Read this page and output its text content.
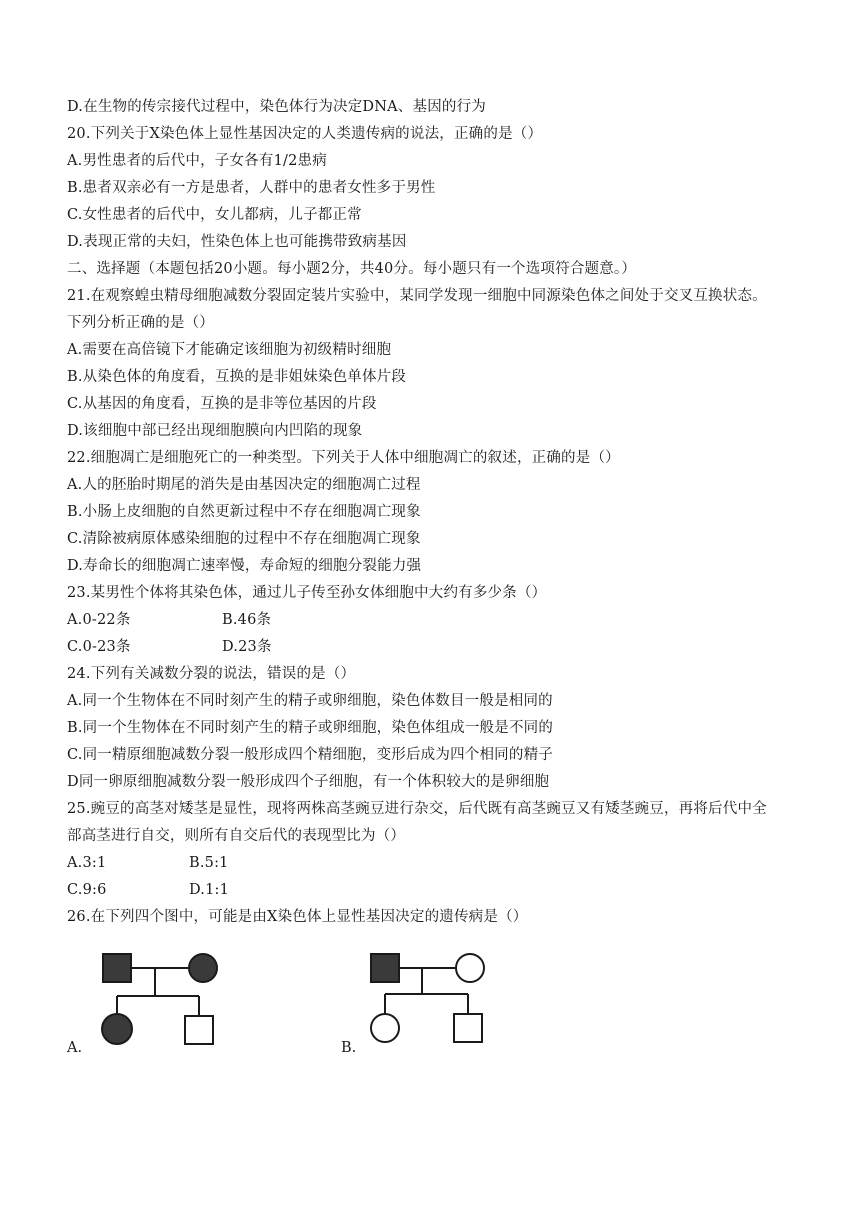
D.在生物的传宗接代过程中，染色体行为决定DNA、基因的行为
20.下列关于X染色体上显性基因决定的人类遗传病的说法，正确的是（）
A.男性患者的后代中，子女各有1/2患病
B.患者双亲必有一方是患者，人群中的患者女性多于男性
C.女性患者的后代中，女儿都病，儿子都正常
D.表现正常的夫妇，性染色体上也可能携带致病基因
二、选择题（本题包括20小题。每小题2分，共40分。每小题只有一个选项符合题意。）
21.在观察蝗虫精母细胞减数分裂固定装片实验中，某同学发现一细胞中同源染色体之间处于交叉互换状态。
下列分析正确的是（）
A.需要在高倍镜下才能确定该细胞为初级精时细胞
B.从染色体的角度看，互换的是非姐妹染色单体片段
C.从基因的角度看，互换的是非等位基因的片段
D.该细胞中部已经出现细胞膜向内凹陷的现象
22.细胞凋亡是细胞死亡的一种类型。下列关于人体中细胞凋亡的叙述，正确的是（）
A.人的胚胎时期尾的消失是由基因决定的细胞凋亡过程
B.小肠上皮细胞的自然更新过程中不存在细胞凋亡现象
C.清除被病原体感染细胞的过程中不存在细胞凋亡现象
D.寿命长的细胞凋亡速率慢，寿命短的细胞分裂能力强
23.某男性个体将其染色体，通过儿子传至孙女体细胞中大约有多少条（）
A.0-22条	B.46条
C.0-23条	D.23条
24.下列有关减数分裂的说法，错误的是（）
A.同一个生物体在不同时刻产生的精子或卵细胞，染色体数目一般是相同的
B.同一个生物体在不同时刻产生的精子或卵细胞，染色体组成一般是不同的
C.同一精原细胞减数分裂一般形成四个精细胞，变形后成为四个相同的精子
D同一卵原细胞减数分裂一般形成四个子细胞，有一个体积较大的是卵细胞
25.豌豆的高茎对矮茎是显性，现将两株高茎豌豆进行杂交，后代既有高茎豌豆又有矮茎豌豆，再将后代中全
部高茎进行自交，则所有自交后代的表现型比为（）
A.3:1	B.5:1
C.9:6	D.1:1
26.在下列四个图中，可能是由X染色体上显性基因决定的遗传病是（）
A.	B.
